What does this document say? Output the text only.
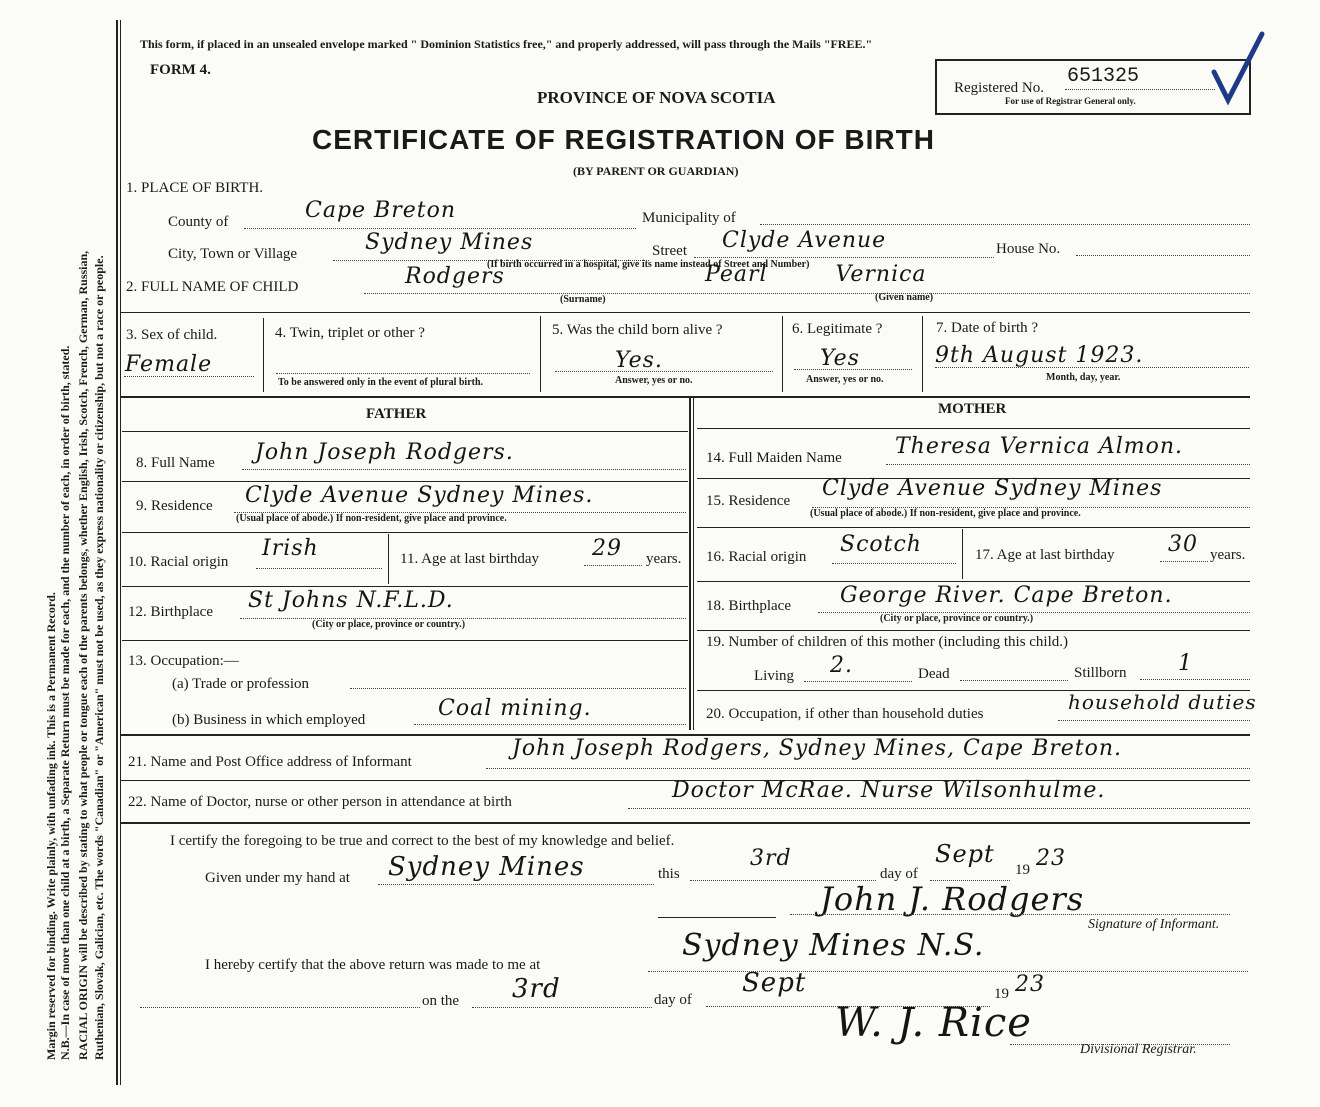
Margin reserved for binding. Write plainly, with unfading ink. This is a Permanent Record. N.B.—In case of more than one child at a birth, a Separate Return must be made for each, and the number of each, in order of birth, stated. RACIAL ORIGIN will be described by stating to what people or tongue each of the parents belongs, whether English, Irish, Scotch, French, German, Russian, Ruthenian, Slovak, Galician, etc. The words "Canadian" or "American" must not be used, as they express nationality or citizenship, but not a race or people.
This form, if placed in an unsealed envelope marked " Dominion Statistics free," and properly addressed, will pass through the Mails "FREE."
FORM 4.
PROVINCE OF NOVA SCOTIA
CERTIFICATE OF REGISTRATION OF BIRTH
(BY PARENT OR GUARDIAN)
Registered No. 651325
For use of Registrar General only.
1. PLACE OF BIRTH.
County of	Cape Breton	Municipality of
City, Town or Village	Sydney Mines	Street Clyde Avenue	House No.
(If birth occurred in a hospital, give its name instead of Street and Number)
2. FULL NAME OF CHILD	Rodgers	Pearl Vernica
(Surname)	(Given name)
3. Sex of child.
Female
4. Twin, triplet or other ?
To be answered only in the event of plural birth.
5. Was the child born alive ?
Yes.
Answer, yes or no.
6. Legitimate ?
Yes
Answer, yes or no.
7. Date of birth ?
9th August 1923.
Month, day, year.
FATHER	MOTHER
8. Full Name John Joseph Rodgers.
9. Residence Clyde Avenue Sydney Mines.
(Usual place of abode.) If non-resident, give place and province.
10. Racial origin
Irish	11. Age at last birthday 29 years.
12. Birthplace St Johns N.F.L.D.
(City or place, province or country.)
13. Occupation:—
(a) Trade or profession
(b) Business in which employed	Coal mining.
14. Full Maiden Name Theresa Vernica Almon.
15. Residence Clyde Avenue Sydney Mines
(Usual place of abode.) If non-resident, give place and province.
16. Racial origin Scotch	17. Age at last birthday 30 years.
18. Birthplace George River. Cape Breton.
(City or place, province or country.)
19. Number of children of this mother (including this child.)
Living 2.	Dead	Stillborn 1
20. Occupation, if other than household duties	household duties
21. Name and Post Office address of Informant
John Joseph Rodgers, Sydney Mines, Cape Breton.
22. Name of Doctor, nurse or other person in attendance at birth	Doctor McRae. Nurse Wilsonhulme.
I certify the foregoing to be true and correct to the best of my knowledge and belief.
Given under my hand at Sydney Mines	this
3rd
day of
Sept
19 23
John J. Rodgers
Signature of Informant.
I hereby certify that the above return was made to me at
Sydney Mines N.S.
on the 3rd	day of
Sept	19 23
W. J. Rice
Divisional Registrar.
